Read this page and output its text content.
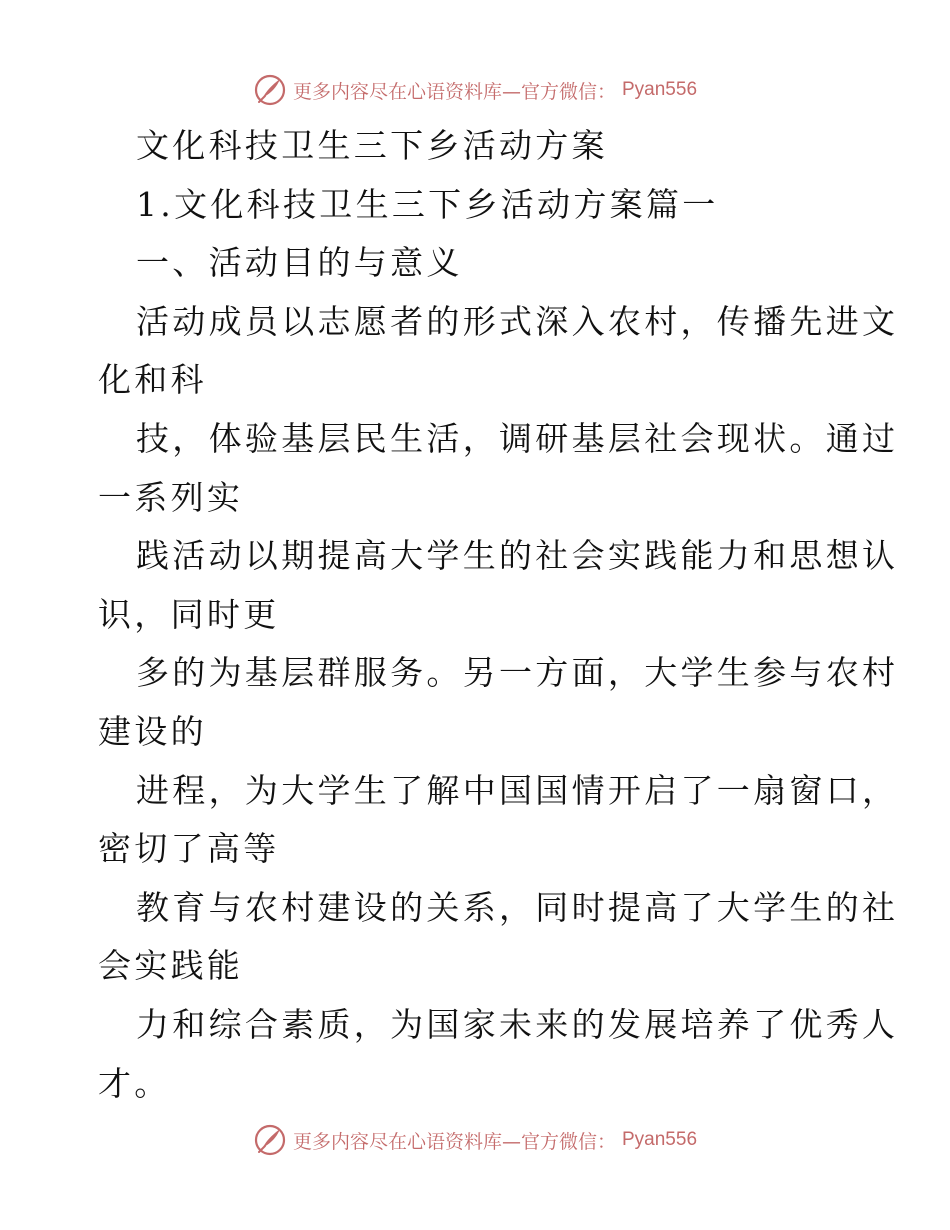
更多内容尽在心语资料库—官方微信： Pyan556
文化科技卫生三下乡活动方案
1.文化科技卫生三下乡活动方案篇一
一、活动目的与意义
活动成员以志愿者的形式深入农村，传播先进文
化和科
技，体验基层民生活，调研基层社会现状。通过
一系列实
践活动以期提高大学生的社会实践能力和思想认
识，同时更
多的为基层群服务。另一方面，大学生参与农村
建设的
进程，为大学生了解中国国情开启了一扇窗口，
密切了高等
教育与农村建设的关系，同时提高了大学生的社
会实践能
力和综合素质，为国家未来的发展培养了优秀人
才。
更多内容尽在心语资料库—官方微信： Pyan556
